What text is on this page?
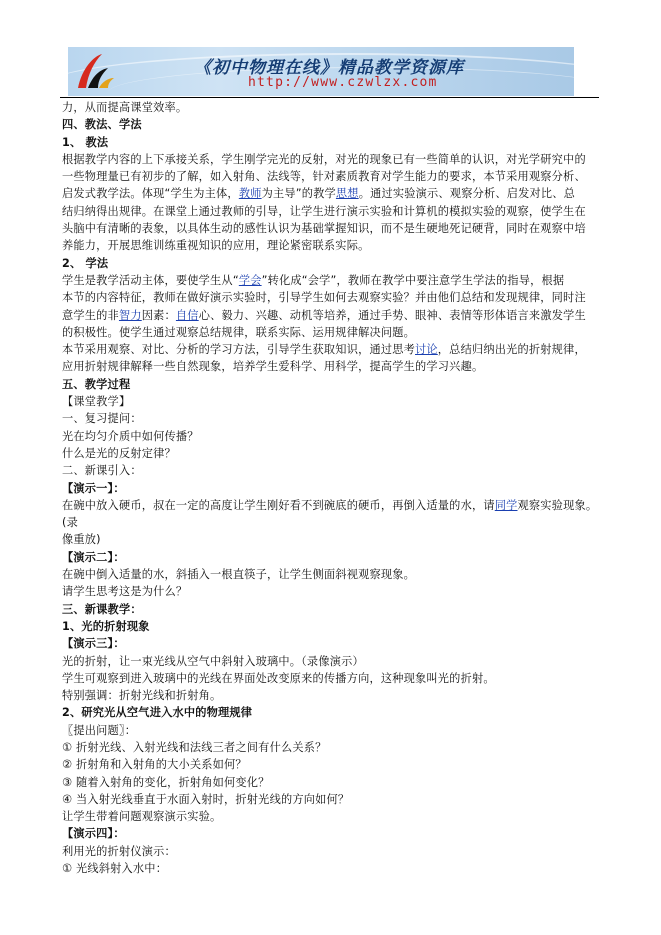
《初中物理在线》精品教学资源库
http://www.czwlzx.com

力，从而提高课堂效率。

四、教法、学法

1、 教法

根据教学内容的上下承接关系，学生刚学完光的反射，对光的现象已有一些简单的认识，对光学研究中的

一些物理量已有初步的了解，如入射角、法线等，针对素质教育对学生能力的要求，本节采用观察分析、

启发式教学法。体现“学生为主体，教师为主导”的教学思想。通过实验演示、观察分析、启发对比、总

结归纳得出规律。在课堂上通过教师的引导，让学生进行演示实验和计算机的模拟实验的观察，使学生在

头脑中有清晰的表象，以具体生动的感性认识为基础掌握知识，而不是生硬地死记硬背，同时在观察中培

养能力，开展思维训练重视知识的应用，理论紧密联系实际。

2、 学法

学生是教学活动主体，要使学生从“学会”转化成“会学”，教师在教学中要注意学生学法的指导，根据

本节的内容特征，教师在做好演示实验时，引导学生如何去观察实验？并由他们总结和发现规律，同时注

意学生的非智力因素：自信心、毅力、兴趣、动机等培养，通过手势、眼神、表情等形体语言来激发学生

的积极性。使学生通过观察总结规律，联系实际、运用规律解决问题。

本节采用观察、对比、分析的学习方法，引导学生获取知识，通过思考讨论，总结归纳出光的折射规律，

应用折射规律解释一些自然现象，培养学生爱科学、用科学，提高学生的学习兴趣。

五、教学过程

【课堂教学】

一、复习提问：

光在均匀介质中如何传播？

什么是光的反射定律？

二、新课引入：

【演示一】：

在碗中放入硬币，叔在一定的高度让学生刚好看不到碗底的硬币，再倒入适量的水，请同学观察实验现象。(录

像重放)

【演示二】：

在碗中倒入适量的水，斜插入一根直筷子，让学生侧面斜视观察现象。

请学生思考这是为什么？

三、新课教学：

1、光的折射现象

【演示三】：

光的折射，让一束光线从空气中斜射入玻璃中。（录像演示）

学生可观察到进入玻璃中的光线在界面处改变原来的传播方向，这种现象叫光的折射。

特别强调：折射光线和折射角。

2、研究光从空气进入水中的物理规律

〖提出问题〗：

① 折射光线、入射光线和法线三者之间有什么关系？

② 折射角和入射角的大小关系如何？

③ 随着入射角的变化，折射角如何变化？

④ 当入射光线垂直于水面入射时，折射光线的方向如何？

让学生带着问题观察演示实验。

【演示四】：

利用光的折射仪演示：

① 光线斜射入水中：
